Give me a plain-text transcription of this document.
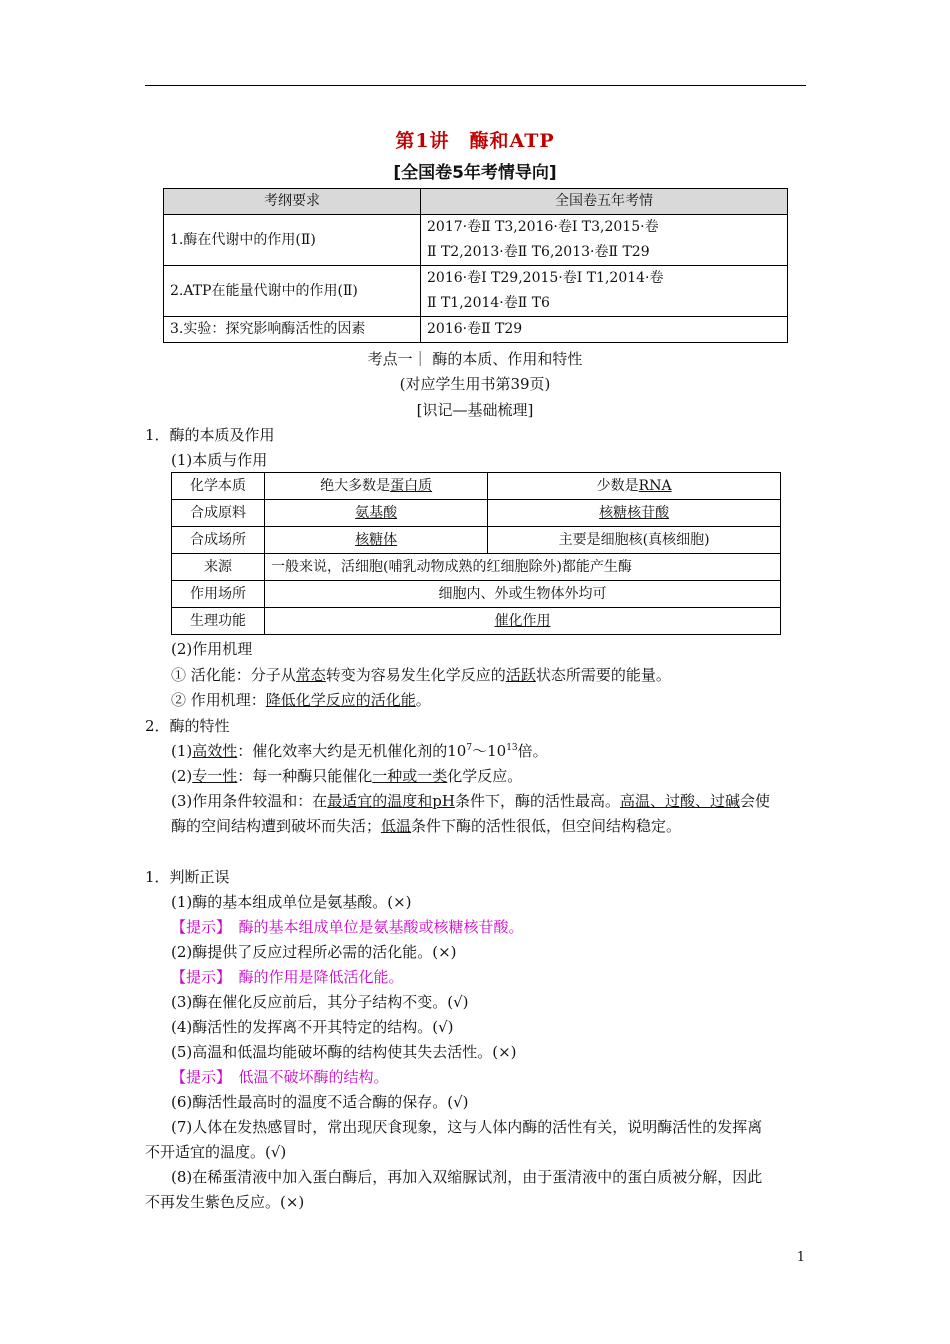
第1讲　酶和ATP
[全国卷5年考情导向]
考纲要求	全国卷五年考情
1.酶在代谢中的作用(Ⅱ)	2017·卷Ⅱ T3,2016·卷Ⅰ T3,2015·卷
Ⅱ T2,2013·卷Ⅱ T6,2013·卷Ⅱ T29

2.ATP在能量代谢中的作用(Ⅱ)	2016·卷Ⅰ T29,2015·卷Ⅰ T1,2014·卷
Ⅱ T1,2014·卷Ⅱ T6

3.实验：探究影响酶活性的因素	2016·卷Ⅱ T29
考点一｜ 酶的本质、作用和特性
(对应学生用书第39页)
[识记—基础梳理]
1．酶的本质及作用
(1)本质与作用
化学本质	绝大多数是蛋白质	少数是RNA
合成原料	氨基酸	核糖核苷酸
合成场所	核糖体	主要是细胞核(真核细胞)
来源	一般来说，活细胞(哺乳动物成熟的红细胞除外)都能产生酶	
作用场所	细胞内、外或生物体外均可	
生理功能	催化作用	
(2)作用机理
① 活化能：分子从常态转变为容易发生化学反应的活跃状态所需要的能量。
② 作用机理：降低化学反应的活化能。
2．酶的特性
(1)高效性：催化效率大约是无机催化剂的$10^7\sim 10^{13}$倍。
(2)专一性：每一种酶只能催化一种或一类化学反应。
(3)作用条件较温和：在最适宜的温度和pH条件下，酶的活性最高。高温、过酸、过碱会使
酶的空间结构遭到破坏而失活；低温条件下酶的活性很低，但空间结构稳定。
1．判断正误
(1)酶的基本组成单位是氨基酸。(×)
【提示】　酶的基本组成单位是氨基酸或核糖核苷酸。
(2)酶提供了反应过程所必需的活化能。(×)
【提示】　酶的作用是降低活化能。
(3)酶在催化反应前后，其分子结构不变。(√)
(4)酶活性的发挥离不开其特定的结构。(√)
(5)高温和低温均能破坏酶的结构使其失去活性。(×)
【提示】　低温不破坏酶的结构。
(6)酶活性最高时的温度不适合酶的保存。(√)
(7)人体在发热感冒时，常出现厌食现象，这与人体内酶的活性有关，说明酶活性的发挥离
不开适宜的温度。(√)
(8)在稀蛋清液中加入蛋白酶后，再加入双缩脲试剂，由于蛋清液中的蛋白质被分解，因此
不再发生紫色反应。(×)
1
